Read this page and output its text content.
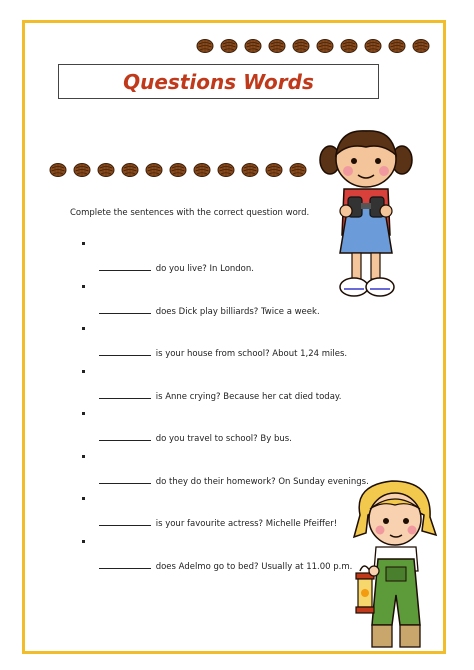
Questions Words
Complete the sentences with the correct question word.
do you live? In London.
does Dick play billiards? Twice a week.
is your house from school? About 1,24 miles.
is Anne crying? Because her cat died today.
do you travel to school? By bus.
do they do their homework? On Sunday evenings.
is your favourite actress? Michelle Pfeiffer!
does Adelmo go to bed? Usually at 11.00 p.m.
